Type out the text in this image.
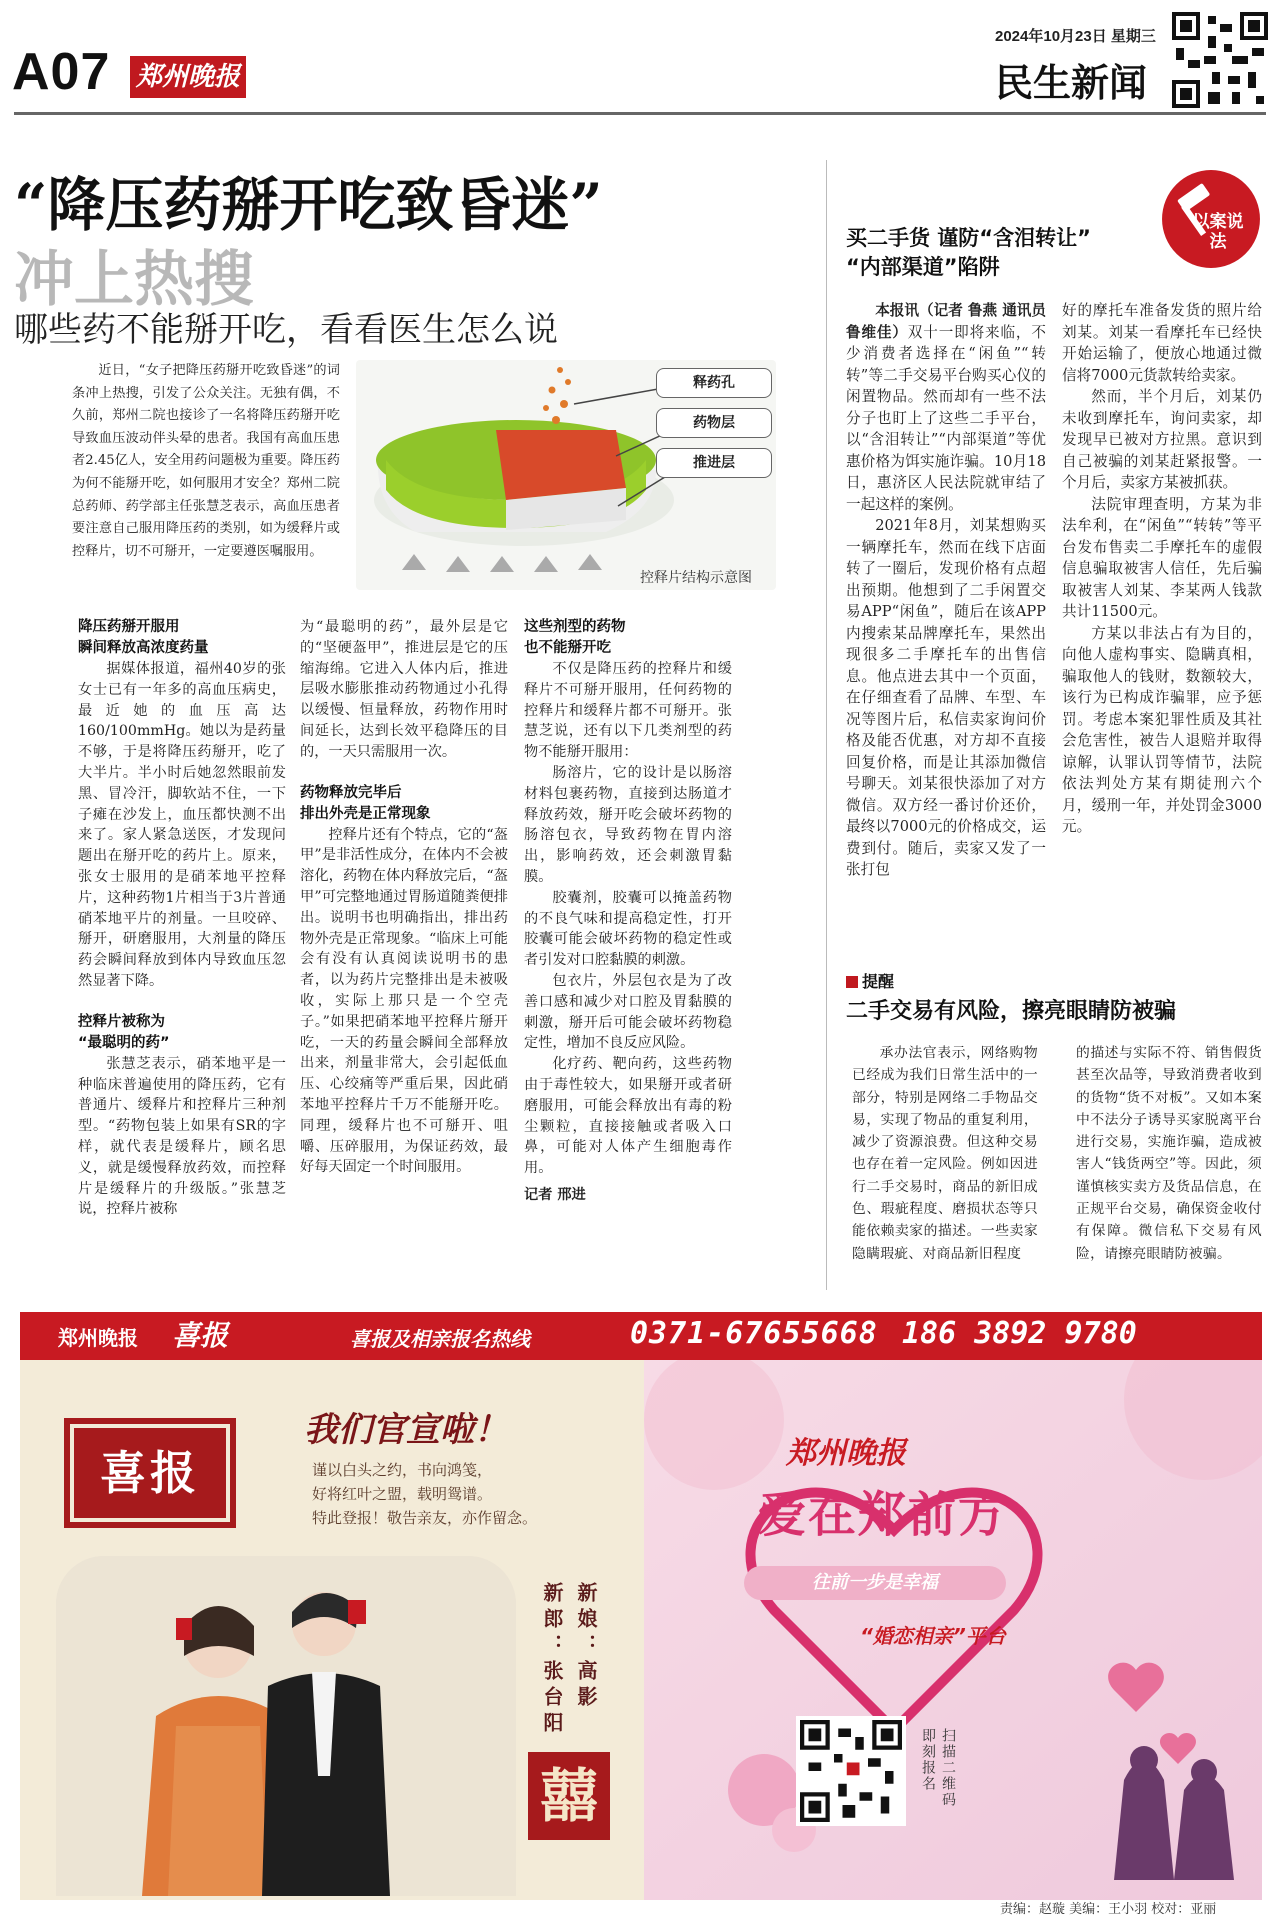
A07 郑州晚报
2024年10月23日 星期三
民生新闻
“降压药掰开吃致昏迷”
冲上热搜
哪些药不能掰开吃，看看医生怎么说

近日，“女子把降压药掰开吃致昏迷”的词条冲上热搜，引发了公众关注。无独有偶，不久前，郑州二院也接诊了一名将降压药掰开吃导致血压波动伴头晕的患者。我国有高血压患者2.45亿人，安全用药问题极为重要。降压药为何不能掰开吃，如何服用才安全？郑州二院总药师、药学部主任张慧芝表示，高血压患者要注意自己服用降压药的类别，如为缓释片或控释片，切不可掰开，一定要遵医嘱服用。

释药孔
药物层
推进层
控释片结构示意图
降压药掰开服用
瞬间释放高浓度药量

据媒体报道，福州40岁的张女士已有一年多的高血压病史，最近她的血压高达160/100mmHg。她以为是药量不够，于是将降压药掰开，吃了大半片。半小时后她忽然眼前发黑、冒冷汗，脚软站不住，一下子瘫在沙发上，血压都快测不出来了。家人紧急送医，才发现问题出在掰开吃的药片上。原来，张女士服用的是硝苯地平控释片，这种药物1片相当于3片普通硝苯地平片的剂量。一旦咬碎、掰开，研磨服用，大剂量的降压药会瞬间释放到体内导致血压忽然显著下降。

控释片被称为
“最聪明的药”

张慧芝表示，硝苯地平是一种临床普遍使用的降压药，它有普通片、缓释片和控释片三种剂型。“药物包装上如果有SR的字样，就代表是缓释片，顾名思义，就是缓慢释放药效，而控释片是缓释片的升级版。”张慧芝说，控释片被称

为“最聪明的药”，最外层是它的“坚硬盔甲”，推进层是它的压缩海绵。它进入人体内后，推进层吸水膨胀推动药物通过小孔得以缓慢、恒量释放，药物作用时间延长，达到长效平稳降压的目的，一天只需服用一次。

药物释放完毕后
排出外壳是正常现象

控释片还有个特点，它的“盔甲”是非活性成分，在体内不会被溶化，药物在体内释放完后，“盔甲”可完整地通过胃肠道随粪便排出。说明书也明确指出，排出药物外壳是正常现象。“临床上可能会有没有认真阅读说明书的患者，以为药片完整排出是未被吸收，实际上那只是一个空壳子。”如果把硝苯地平控释片掰开吃，一天的药量会瞬间全部释放出来，剂量非常大，会引起低血压、心绞痛等严重后果，因此硝苯地平控释片千万不能掰开吃。同理，缓释片也不可掰开、咀嚼、压碎服用，为保证药效，最好每天固定一个时间服用。

这些剂型的药物
也不能掰开吃

不仅是降压药的控释片和缓释片不可掰开服用，任何药物的控释片和缓释片都不可掰开。张慧芝说，还有以下几类剂型的药物不能掰开服用：

肠溶片，它的设计是以肠溶材料包裹药物，直接到达肠道才释放药效，掰开吃会破坏药物的肠溶包衣，导致药物在胃内溶出，影响药效，还会刺激胃黏膜。

胶囊剂，胶囊可以掩盖药物的不良气味和提高稳定性，打开胶囊可能会破坏药物的稳定性或者引发对口腔黏膜的刺激。

包衣片，外层包衣是为了改善口感和减少对口腔及胃黏膜的刺激，掰开后可能会破坏药物稳定性，增加不良反应风险。

化疗药、靶向药，这些药物由于毒性较大，如果掰开或者研磨服用，可能会释放出有毒的粉尘颗粒，直接接触或者吸入口鼻，可能对人体产生细胞毒作用。

记者 邢进
以案说法
买二手货 谨防“含泪转让”
“内部渠道”陷阱

本报讯（记者 鲁燕 通讯员 鲁维佳）双十一即将来临，不少消费者选择在“闲鱼”“转转”等二手交易平台购买心仪的闲置物品。然而却有一些不法分子也盯上了这些二手平台，以“含泪转让”“内部渠道”等优惠价格为饵实施诈骗。10月18日，惠济区人民法院就审结了一起这样的案例。

2021年8月，刘某想购买一辆摩托车，然而在线下店面转了一圈后，发现价格有点超出预期。他想到了二手闲置交易APP“闲鱼”，随后在该APP内搜索某品牌摩托车，果然出现很多二手摩托车的出售信息。他点进去其中一个页面，在仔细查看了品牌、车型、车况等图片后，私信卖家询问价格及能否优惠，对方却不直接回复价格，而是让其添加微信号聊天。刘某很快添加了对方微信。双方经一番讨价还价，最终以7000元的价格成交，运费到付。随后，卖家又发了一张打包

好的摩托车准备发货的照片给刘某。刘某一看摩托车已经快开始运输了，便放心地通过微信将7000元货款转给卖家。

然而，半个月后，刘某仍未收到摩托车，询问卖家，却发现早已被对方拉黑。意识到自己被骗的刘某赶紧报警。一个月后，卖家方某被抓获。

法院审理查明，方某为非法牟利，在“闲鱼”“转转”等平台发布售卖二手摩托车的虚假信息骗取被害人信任，先后骗取被害人刘某、李某两人钱款共计11500元。

方某以非法占有为目的，向他人虚构事实、隐瞒真相，骗取他人的钱财，数额较大，该行为已构成诈骗罪，应予惩罚。考虑本案犯罪性质及其社会危害性，被告人退赔并取得谅解，认罪认罚等情节，法院依法判处方某有期徒刑六个月，缓刑一年，并处罚金3000元。

提醒
二手交易有风险，擦亮眼睛防被骗

承办法官表示，网络购物已经成为我们日常生活中的一部分，特别是网络二手物品交易，实现了物品的重复利用，减少了资源浪费。但这种交易也存在着一定风险。例如因进行二手交易时，商品的新旧成色、瑕疵程度、磨损状态等只能依赖卖家的描述。一些卖家隐瞒瑕疵、对商品新旧程度

的描述与实际不符、销售假货甚至次品等，导致消费者收到的货物“货不对板”。又如本案中不法分子诱导买家脱离平台进行交易，实施诈骗，造成被害人“钱货两空”等。因此，须谨慎核实卖方及货品信息，在正规平台交易，确保资金收付有保障。微信私下交易有风险，请擦亮眼睛防被骗。

郑州晚报 喜报	喜报及相亲报名热线	0371-67655668 186 3892 9780
喜报
我们官宣啦！
谨以白头之约，书向鸿笺，
好将红叶之盟，载明鸳谱。
特此登报！敬告亲友，亦作留念。
新郎：张台阳 新娘：高影
囍
郑州晚报
爱在郑前方
往前一步是幸福
“婚恋相亲”平台
扫描二维码
即刻报名
责编：赵璇 美编：王小羽 校对：亚丽
